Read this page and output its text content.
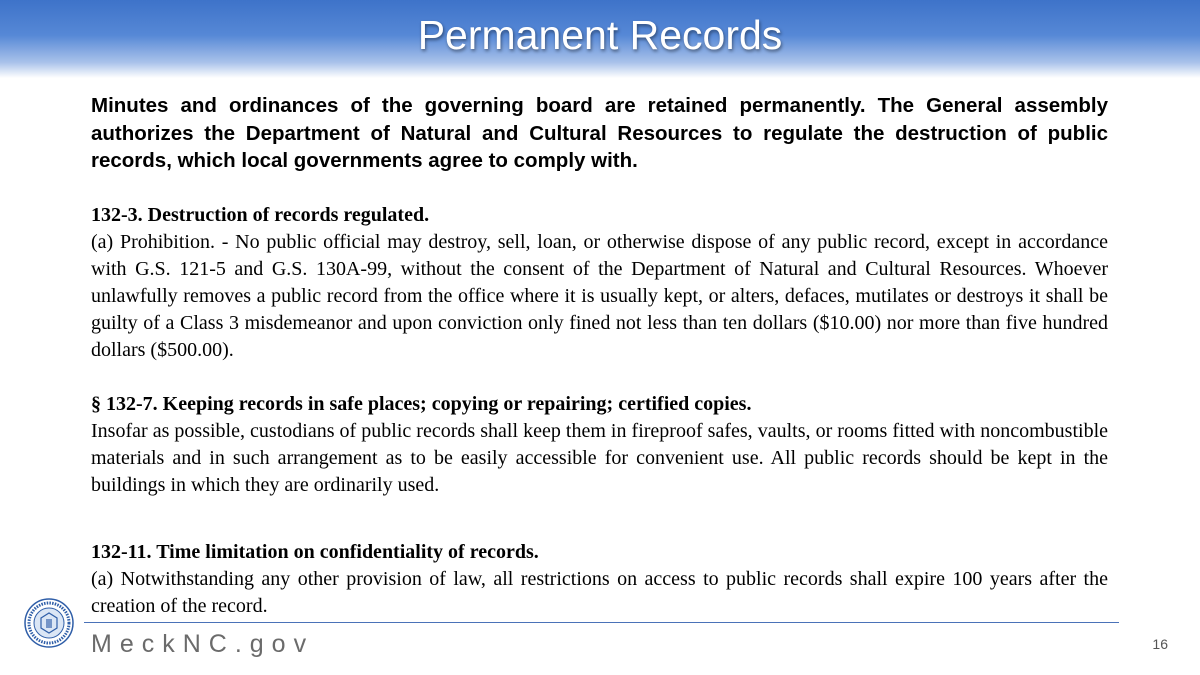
Permanent Records

Minutes and ordinances of the governing board are retained permanently. The General assembly authorizes the Department of Natural and Cultural Resources to regulate the destruction of public records, which local governments agree to comply with.

132-3. Destruction of records regulated.

(a) Prohibition. - No public official may destroy, sell, loan, or otherwise dispose of any public record, except in accordance with G.S. 121-5 and G.S. 130A-99, without the consent of the Department of Natural and Cultural Resources. Whoever unlawfully removes a public record from the office where it is usually kept, or alters, defaces, mutilates or destroys it shall be guilty of a Class 3 misdemeanor and upon conviction only fined not less than ten dollars ($10.00) nor more than five hundred dollars ($500.00).

§ 132-7. Keeping records in safe places; copying or repairing; certified copies.

Insofar as possible, custodians of public records shall keep them in fireproof safes, vaults, or rooms fitted with noncombustible materials and in such arrangement as to be easily accessible for convenient use. All public records should be kept in the buildings in which they are ordinarily used.

132-11. Time limitation on confidentiality of records.

(a) Notwithstanding any other provision of law, all restrictions on access to public records shall expire 100 years after the creation of the record.

MeckNC.gov	16
